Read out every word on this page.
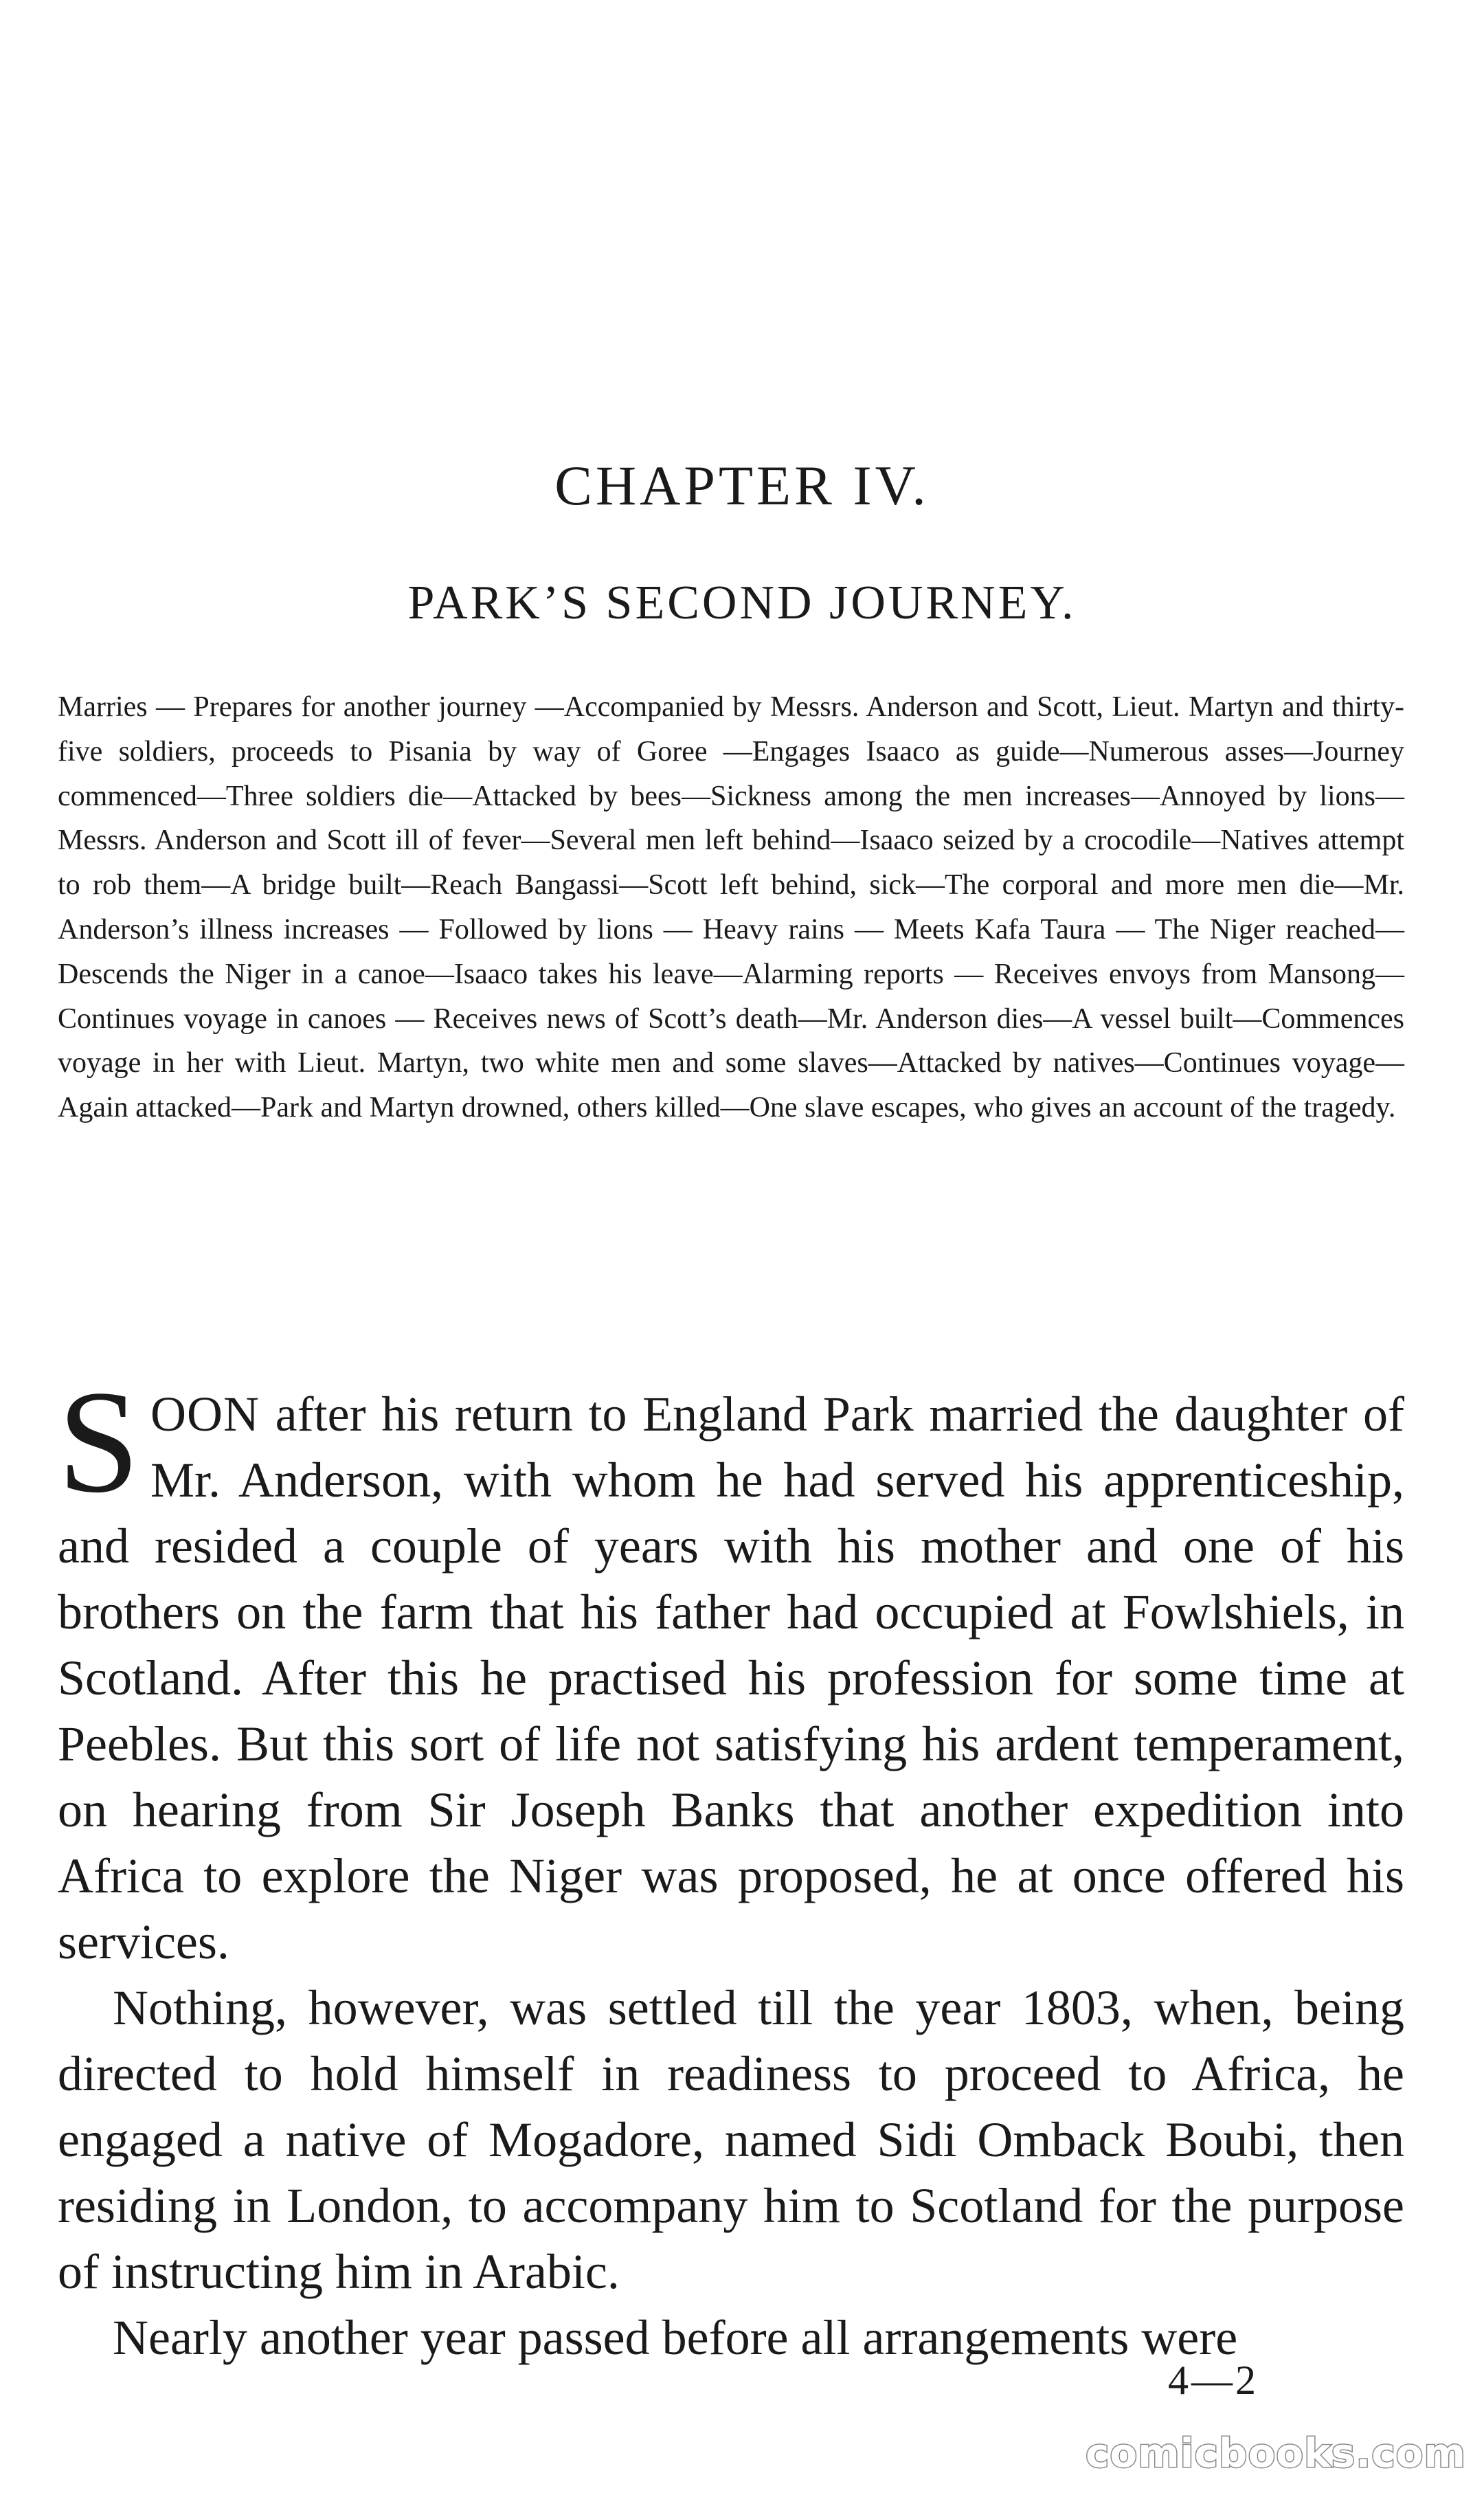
CHAPTER IV.
PARK’S SECOND JOURNEY.

Marries — Prepares for another journey —Accompanied by Messrs. Anderson and Scott, Lieut. Martyn and thirty-five soldiers, proceeds to Pisania by way of Goree —Engages Isaaco as guide—Numerous asses—Journey commenced—Three soldiers die—Attacked by bees—Sickness among the men increases—Annoyed by lions—Messrs. Anderson and Scott ill of fever—Several men left behind—Isaaco seized by a crocodile—Natives attempt to rob them—A bridge built—Reach Bangassi—Scott left behind, sick—The corporal and more men die—Mr. Anderson’s illness increases — Followed by lions — Heavy rains — Meets Kafa Taura — The Niger reached—Descends the Niger in a canoe—Isaaco takes his leave—Alarming reports — Receives envoys from Mansong—Continues voyage in canoes — Receives news of Scott’s death—Mr. Anderson dies—A vessel built—Commences voyage in her with Lieut. Martyn, two white men and some slaves—Attacked by natives—Continues voyage—Again attacked—Park and Martyn drowned, others killed—One slave escapes, who gives an account of the tragedy.

SOON after his return to England Park married the daughter of Mr. Anderson, with whom he had served his apprenticeship, and resided a couple of years with his mother and one of his brothers on the farm that his father had occupied at Fowlshiels, in Scotland. After this he practised his profession for some time at Peebles. But this sort of life not satisfying his ardent temperament, on hearing from Sir Joseph Banks that another expedition into Africa to explore the Niger was proposed, he at once offered his services.

Nothing, however, was settled till the year 1803, when, being directed to hold himself in readiness to proceed to Africa, he engaged a native of Mogadore, named Sidi Omback Boubi, then residing in London, to accompany him to Scotland for the purpose of instructing him in Arabic.

Nearly another year passed before all arrangements were

4—2
comicbooks.com
